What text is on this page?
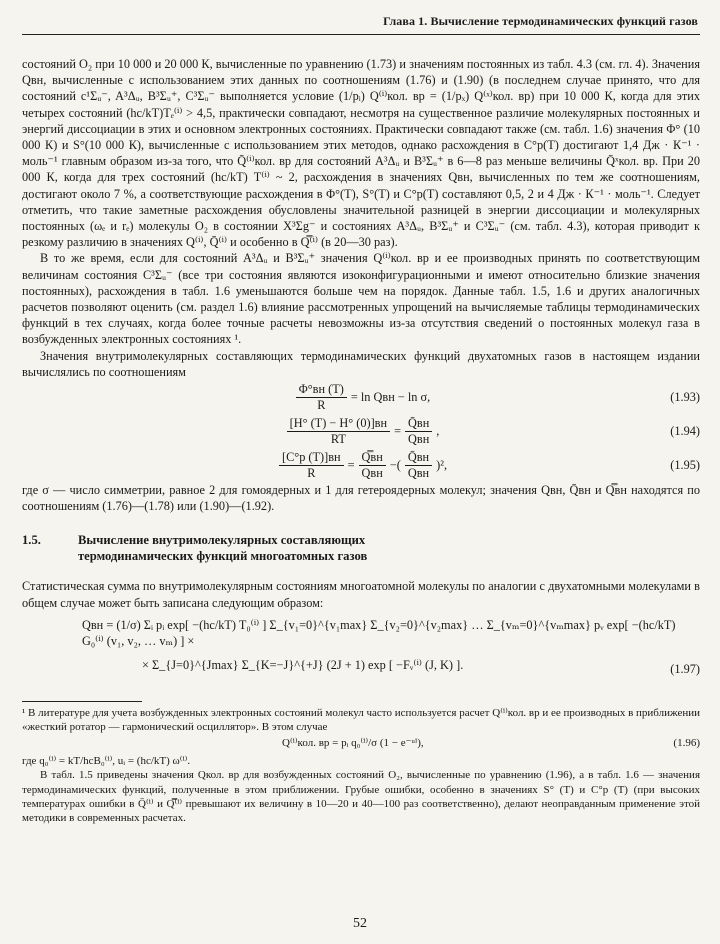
Глава 1. Вычисление термодинамических функций газов

состояний O₂ при 10 000 и 20 000 К, вычисленные по уравнению (1.73) и значениям постоянных из табл. 4.3 (см. гл. 4). Значения Qвн, вычисленные с использованием этих данных по соотношениям (1.76) и (1.90) (в последнем случае принято, что для состояний c¹Σᵤ⁻, A³Δᵤ, B³Σᵤ⁺, C³Σᵤ⁻ выполняется условие (1/pᵢ) Q⁽ⁱ⁾кол. вр = (1/pₓ) Q⁽ˣ⁾кол. вр) при 10 000 К, когда для этих четырех состояний (hc/kT)Tₑ⁽ⁱ⁾ > 4,5, практически совпадают, несмотря на существенное различие молекулярных постоянных и энергий диссоциации в этих и основном электронных состояниях. Практически совпадают также (см. табл. 1.6) значения Φ° (10 000 К) и S°(10 000 К), вычисленные с использованием этих методов, однако расхождения в C°p(T) достигают 1,4 Дж · К⁻¹ · моль⁻¹ главным образом из-за того, что Q̄⁽ⁱ⁾кол. вр для состояний A³Δᵤ и B³Σᵤ⁺ в 6—8 раз меньше величины Q̄ˣкол. вр. При 20 000 К, когда для трех состояний (hc/kT) T⁽ⁱ⁾ ~ 2, расхождения в значениях Qвн, вычисленных по тем же соотношениям, достигают около 7 %, а соответствующие расхождения в Φ°(T), S°(T) и C°p(T) составляют 0,5, 2 и 4 Дж · К⁻¹ · моль⁻¹. Следует отметить, что такие заметные расхождения обусловлены значительной разницей в энергии диссоциации и молекулярных постоянных (ωₑ и rₑ) молекулы O₂ в состоянии X³Σg⁻ и состояниях A³Δᵤ, B³Σᵤ⁺ и C³Σᵤ⁻ (см. табл. 4.3), которая приводит к резкому различию в значениях Q⁽ⁱ⁾, Q̄⁽ⁱ⁾ и особенно в Q̿⁽ⁱ⁾ (в 20—30 раз).

В то же время, если для состояний A³Δᵤ и B³Σᵤ⁺ значения Q⁽ⁱ⁾кол. вр и ее производных принять по соответствующим величинам состояния C³Σᵤ⁻ (все три состояния являются изоконфигурационными и имеют относительно близкие значения постоянных), расхождения в табл. 1.6 уменьшаются больше чем на порядок. Данные табл. 1.5, 1.6 и других аналогичных расчетов позволяют оценить (см. раздел 1.6) влияние рассмотренных упрощений на вычисляемые таблицы термодинамических функций в тех случаях, когда более точные расчеты невозможны из-за отсутствия сведений о постоянных молекул газа в возбужденных электронных состояниях ¹.

Значения внутримолекулярных составляющих термодинамических функций двухатомных газов в настоящем издании вычислялись по соотношениям

$\frac{\Phi^\circ вн (T)}{R} = \ln$ Qвн − ln σ,	(1.93)
$\frac{[H^\circ (T) - H^\circ (0)]вн}{RT} = \frac{Q̄вн}{\text{Qвн}}$ ,	(1.94)
$\frac{[C^\circ p (T)]вн}{R} = \frac{Q̿вн}{\text{Qвн}}$ − ( $\frac{Q̄вн}{\text{Qвн}} )^2$,	(1.95)

где σ — число симметрии, равное 2 для гомоядерных и 1 для гетероядерных молекул; значения Qвн, Q̄вн и Q̿вн находятся по соотношениям (1.76)—(1.78) или (1.90)—(1.92).

1.5.	Вычисление внутримолекулярных составляющих
термодинамических функций многоатомных газов

Статистическая сумма по внутримолекулярным состояниям многоатомной молекулы по аналогии с двухатомными молекулами в общем случае может быть записана следующим образом:

Qвн = (1/σ) Σᵢ pᵢ exp[ −(hc/kT) T₀⁽ⁱ⁾ ] Σ_{v₁=0}^{v₁max} Σ_{v₂=0}^{v₂max} … Σ_{vₘ=0}^{vₘmax} pᵥ exp[ −(hc/kT) G₀⁽ⁱ⁾ (v₁, v₂, … vₘ) ] ×
× Σ_{J=0}^{Jmax} Σ_{K=−J}^{+J} (2J + 1) exp [ −Fᵥ⁽ⁱ⁾ (J, K) ].	(1.97)

¹ В литературе для учета возбужденных электронных состояний молекул часто используется расчет Q⁽ⁱ⁾кол. вр и ее производных в приближении «жесткий ротатор — гармонический осциллятор». В этом случае

Q⁽ⁱ⁾кол. вр = pᵢ q₀⁽ⁱ⁾/σ (1 − e⁻ᵘⁱ),	(1.96)

где q₀⁽ⁱ⁾ = kT/hcB₀⁽ⁱ⁾, uᵢ = (hc/kT) ω⁽ⁱ⁾.

В табл. 1.5 приведены значения Qкол. вр для возбужденных состояний O₂, вычисленные по уравнению (1.96), а в табл. 1.6 — значения термодинамических функций, полученные в этом приближении. Грубые ошибки, особенно в значениях S° (T) и C°p (T) (при высоких температурах ошибки в Q̄⁽ⁱ⁾ и Q̿⁽ⁱ⁾ превышают их величину в 10—20 и 40—100 раз соответственно), делают неоправданным применение этой методики в современных расчетах.

52
